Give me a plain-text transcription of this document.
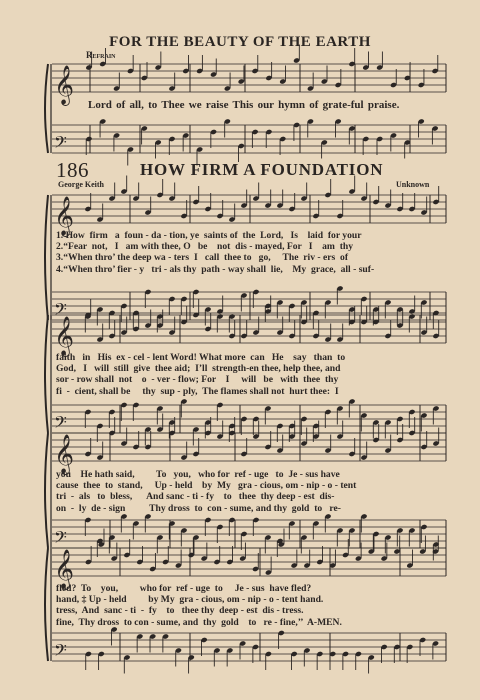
FOR THE BEAUTY OF THE EARTH
Refrain
186	HOW FIRM A FOUNDATION
George Keith	Unknown
Lord of all, to Thee we raise This our hymn of grate-ful praise.
𝄞
𝄢
𝄞
𝄢
𝄞
𝄢
𝄞
𝄢
𝄞
𝄢
1. How  firm   a  foun - da - tion, ye  saints of  the  Lord,   Is    laid  for your
2.“Fear  not,   I   am with thee, O   be    not  dis - mayed, For   I    am  thy
3.“When thro’ the deep wa - ters  I   call  thee to   go,     The  riv - ers  of
4.“When thro’ fier - y   tri - als thy  path - way shall  lie,    My  grace,  all - suf-
faith   in   His  ex - cel - lent Word! What more  can   He    say   than  to
God,   I   will  still  give  thee aid;  I’ll  strength-en thee, help thee, and
sor - row shall  not    o  - ver - flow; For    I     will   be   with  thee  thy
fi  -  cient, shall be     thy  sup - ply,  The flames shall not  hurt thee:  I
you    He hath said,         To   you,   who for  ref - uge   to  Je - sus have
cause  thee  to  stand,     Up - held    by  My   gra - cious, om - nip - o - tent
tri  -  als   to  bless,      And sanc - ti - fy    to   thee  thy deep - est  dis-
on  -  ly  de - sign          Thy dross  to  con - sume, and thy  gold  to   re-
fled?  To    you,         who for  ref - uge  to     Je - sus  have fled?
hand, ‡ Up - held         by My  gra - cious, om - nip - o - tent hand.
tress,  And  sanc - ti  -  fy    to   thee thy  deep - est  dis - tress.
fine,  Thy dross  to con - sume, and  thy  gold    to   re - fine,’’  A-MEN.
